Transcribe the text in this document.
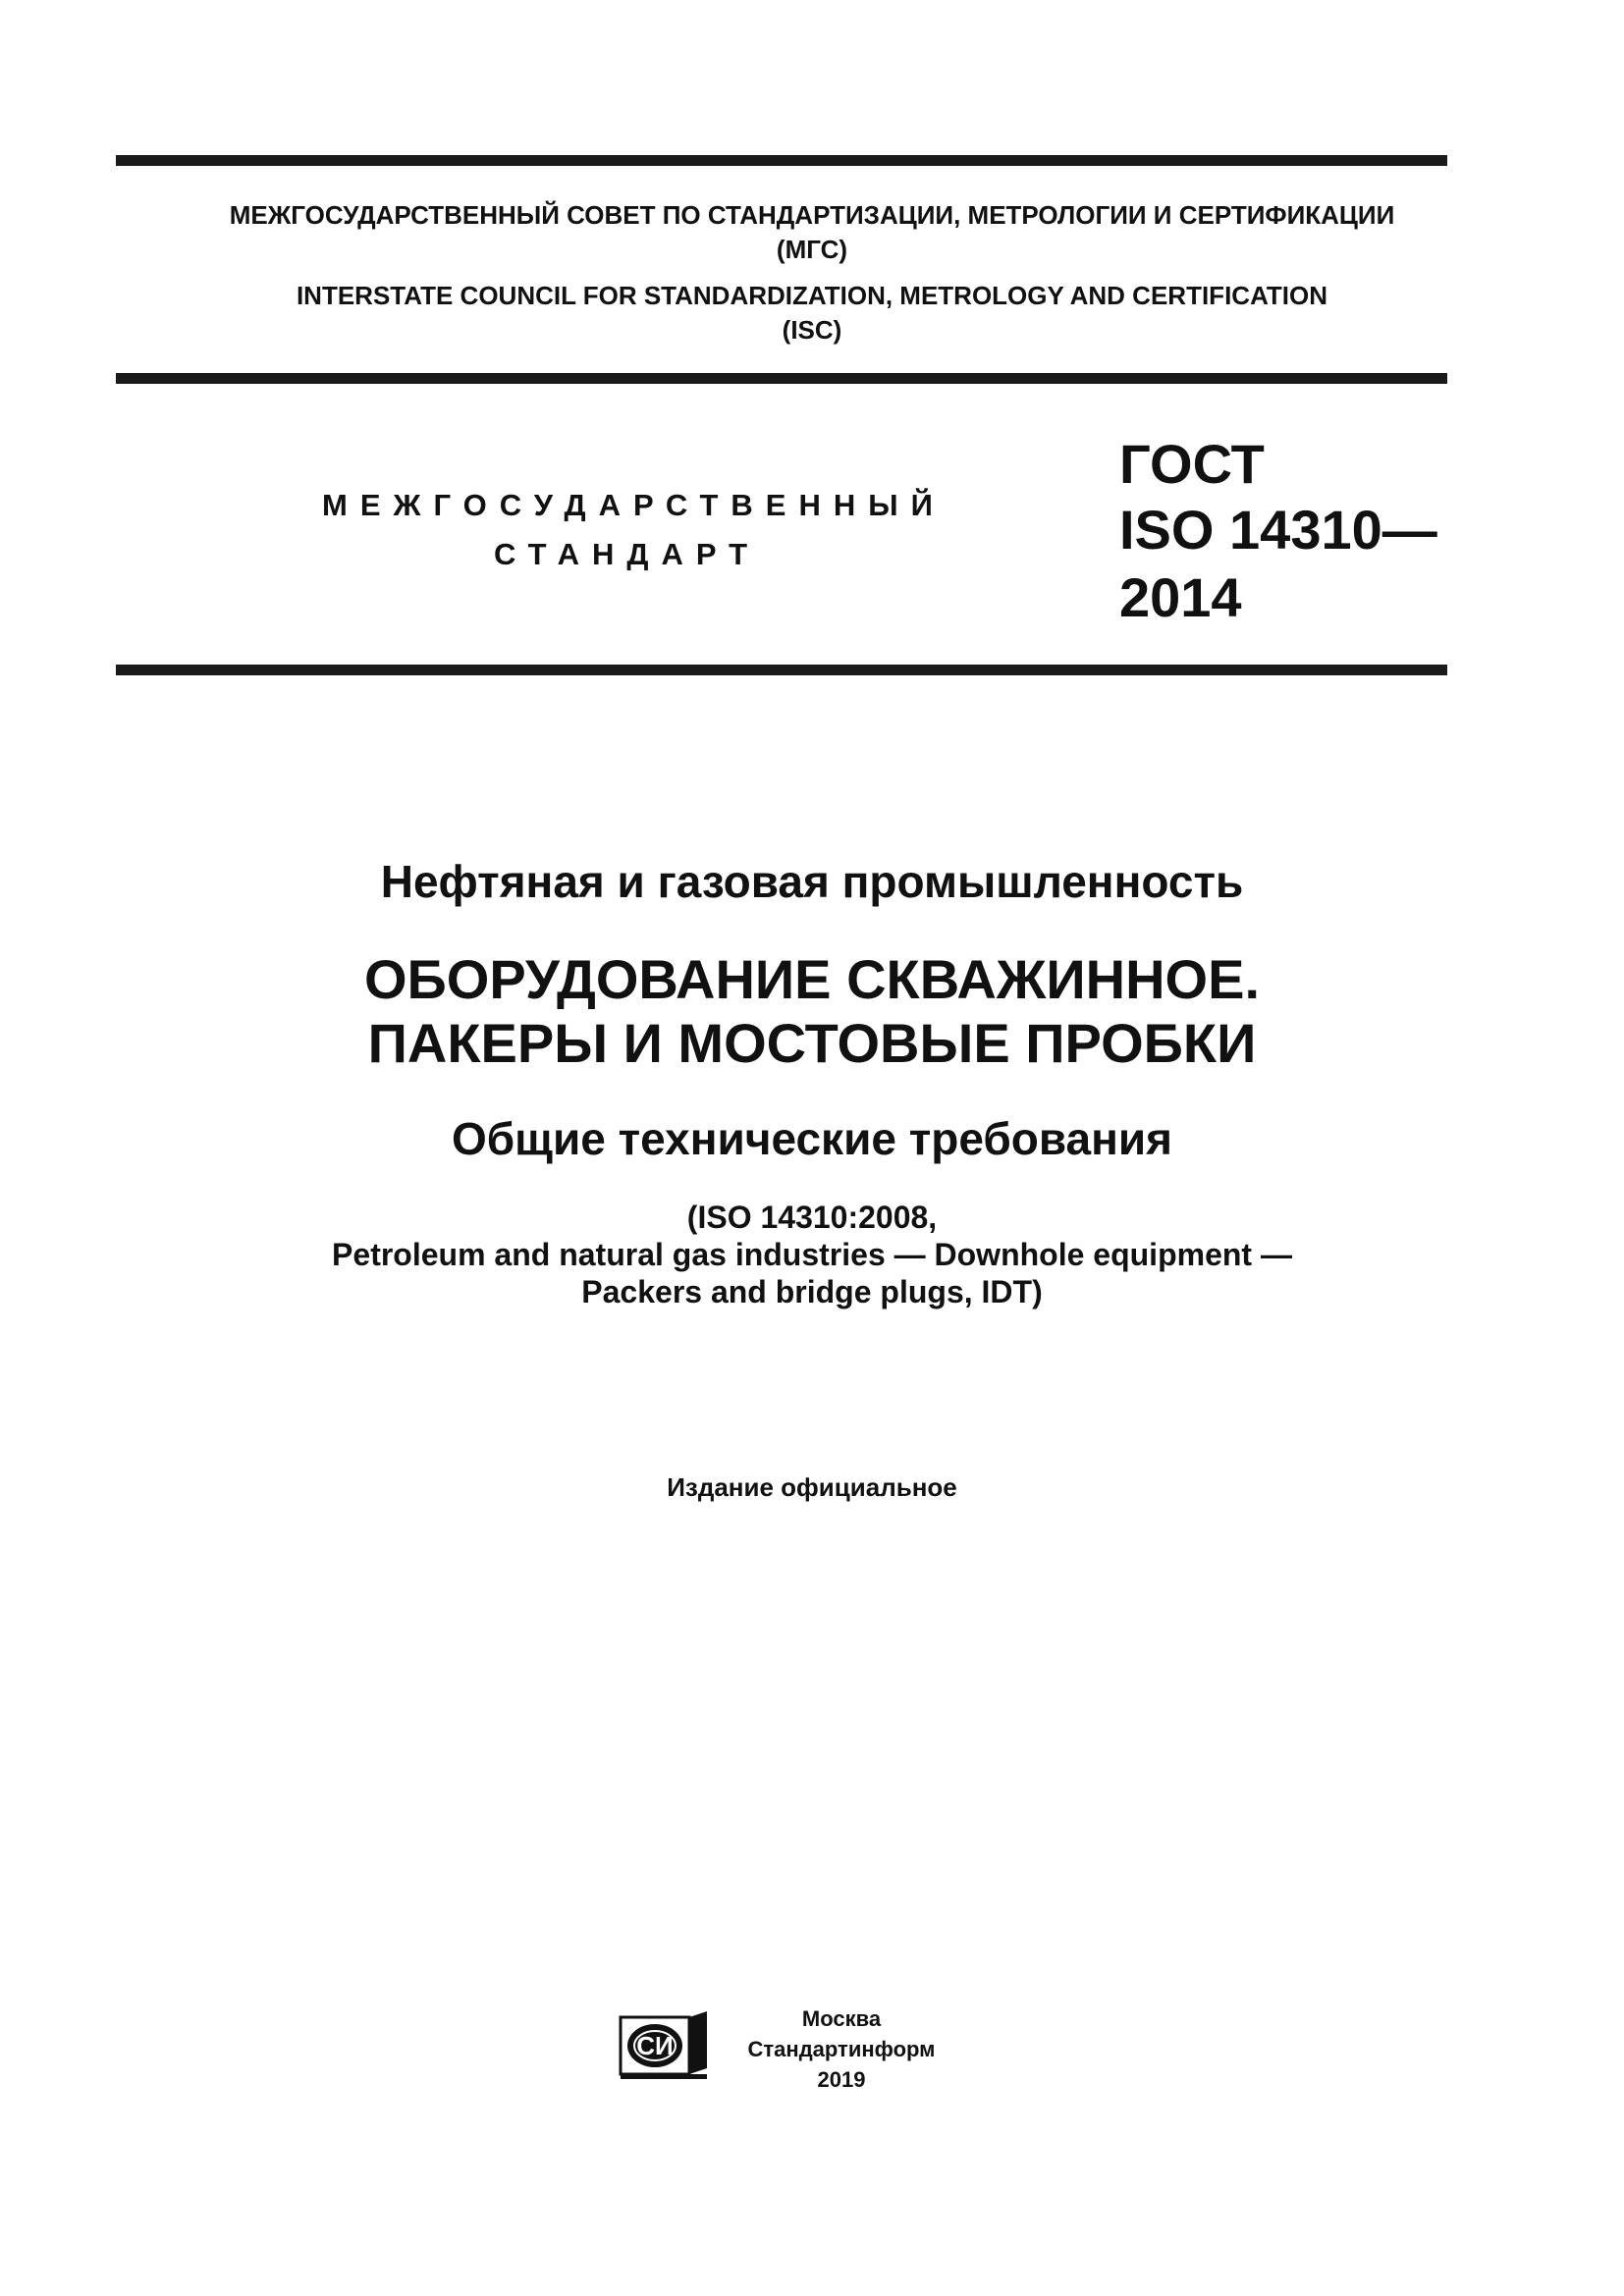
МЕЖГОСУДАРСТВЕННЫЙ СОВЕТ ПО СТАНДАРТИЗАЦИИ, МЕТРОЛОГИИ И СЕРТИФИКАЦИИ
(МГС)
INTERSTATE COUNCIL FOR STANDARDIZATION, METROLOGY AND CERTIFICATION
(ISC)
МЕЖГОСУДАРСТВЕННЫЙ
СТАНДАРТ
ГОСТ
ISO 14310—
2014
Нефтяная и газовая промышленность
ОБОРУДОВАНИЕ СКВАЖИННОЕ.
ПАКЕРЫ И МОСТОВЫЕ ПРОБКИ
Общие технические требования
(ISO 14310:2008,
Petroleum and natural gas industries — Downhole equipment —
Packers and bridge plugs, IDT)
Издание официальное
СИ
Москва
Стандартинформ
2019
